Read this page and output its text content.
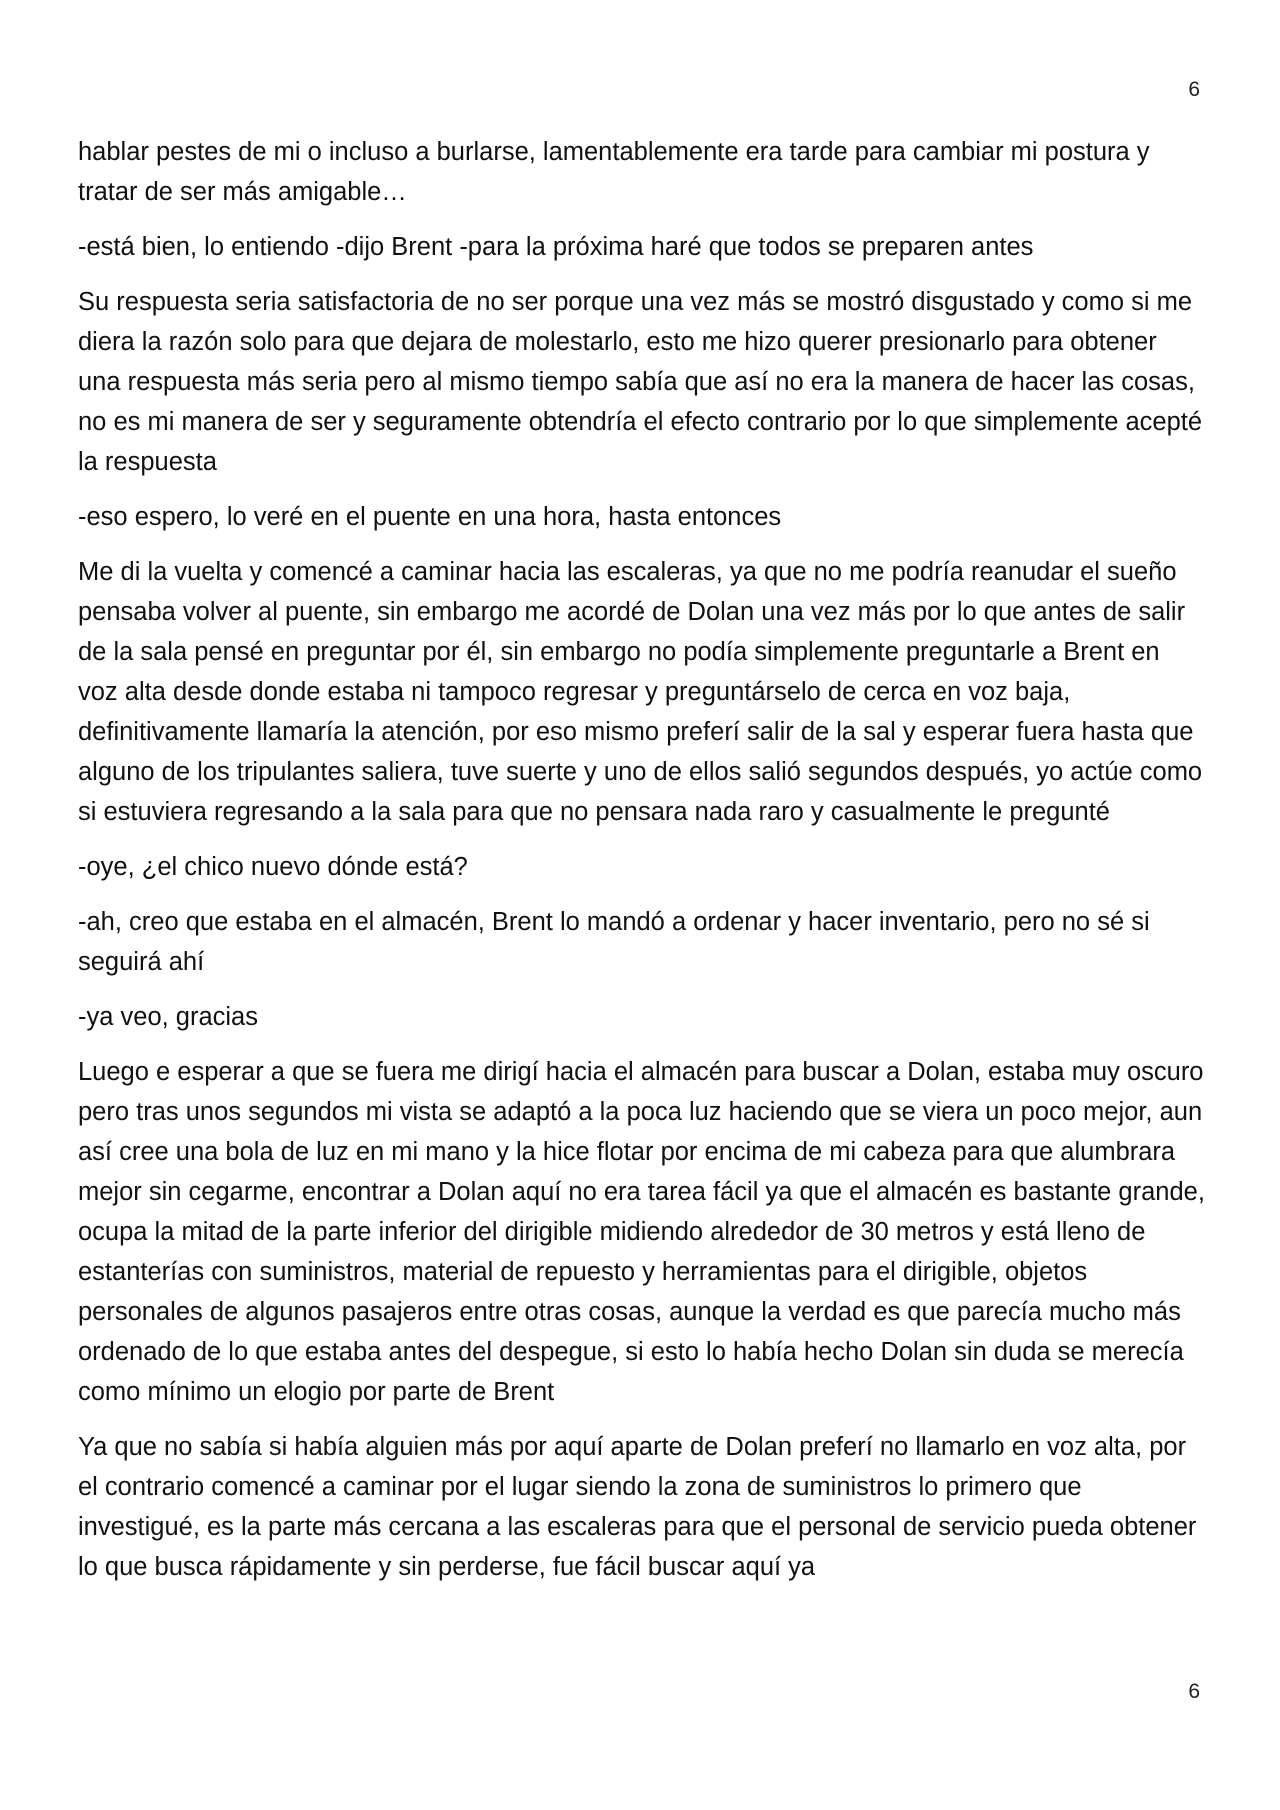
6

hablar pestes de mi o incluso a burlarse, lamentablemente era tarde para cambiar mi postura y tratar de ser más amigable…

-está bien, lo entiendo -dijo Brent -para la próxima haré que todos se preparen antes

Su respuesta seria satisfactoria de no ser porque una vez más se mostró disgustado y como si me diera la razón solo para que dejara de molestarlo, esto me hizo querer presionarlo para obtener una respuesta más seria pero al mismo tiempo sabía que así no era la manera de hacer las cosas, no es mi manera de ser y seguramente obtendría el efecto contrario por lo que simplemente acepté la respuesta

-eso espero, lo veré en el puente en una hora, hasta entonces

Me di la vuelta y comencé a caminar hacia las escaleras, ya que no me podría reanudar el sueño pensaba volver al puente, sin embargo me acordé de Dolan una vez más por lo que antes de salir de la sala pensé en preguntar por él, sin embargo no podía simplemente preguntarle a Brent en voz alta desde donde estaba ni tampoco regresar y preguntárselo de cerca en voz baja, definitivamente llamaría la atención, por eso mismo preferí salir de la sal y esperar fuera hasta que alguno de los tripulantes saliera, tuve suerte y uno de ellos salió segundos después, yo actúe como si estuviera regresando a la sala para que no pensara nada raro y casualmente le pregunté

-oye, ¿el chico nuevo dónde está?

-ah, creo que estaba en el almacén, Brent lo mandó a ordenar y hacer inventario, pero no sé si seguirá ahí

-ya veo, gracias

Luego e esperar a que se fuera me dirigí hacia el almacén para buscar a Dolan, estaba muy oscuro pero tras unos segundos mi vista se adaptó a la poca luz haciendo que se viera un poco mejor, aun así cree una bola de luz en mi mano y la hice flotar por encima de mi cabeza para que alumbrara mejor sin cegarme, encontrar a Dolan aquí no era tarea fácil ya que el almacén es bastante grande, ocupa la mitad de la parte inferior del dirigible midiendo alrededor de 30 metros y está lleno de estanterías con suministros, material de repuesto y herramientas para el dirigible, objetos personales de algunos pasajeros entre otras cosas, aunque la verdad es que parecía mucho más ordenado de lo que estaba antes del despegue, si esto lo había hecho Dolan sin duda se merecía como mínimo un elogio por parte de Brent

Ya que no sabía si había alguien más por aquí aparte de Dolan preferí no llamarlo en voz alta, por el contrario comencé a caminar por el lugar siendo la zona de suministros lo primero que investigué, es la parte más cercana a las escaleras para que el personal de servicio pueda obtener lo que busca rápidamente y sin perderse, fue fácil buscar aquí ya

6
